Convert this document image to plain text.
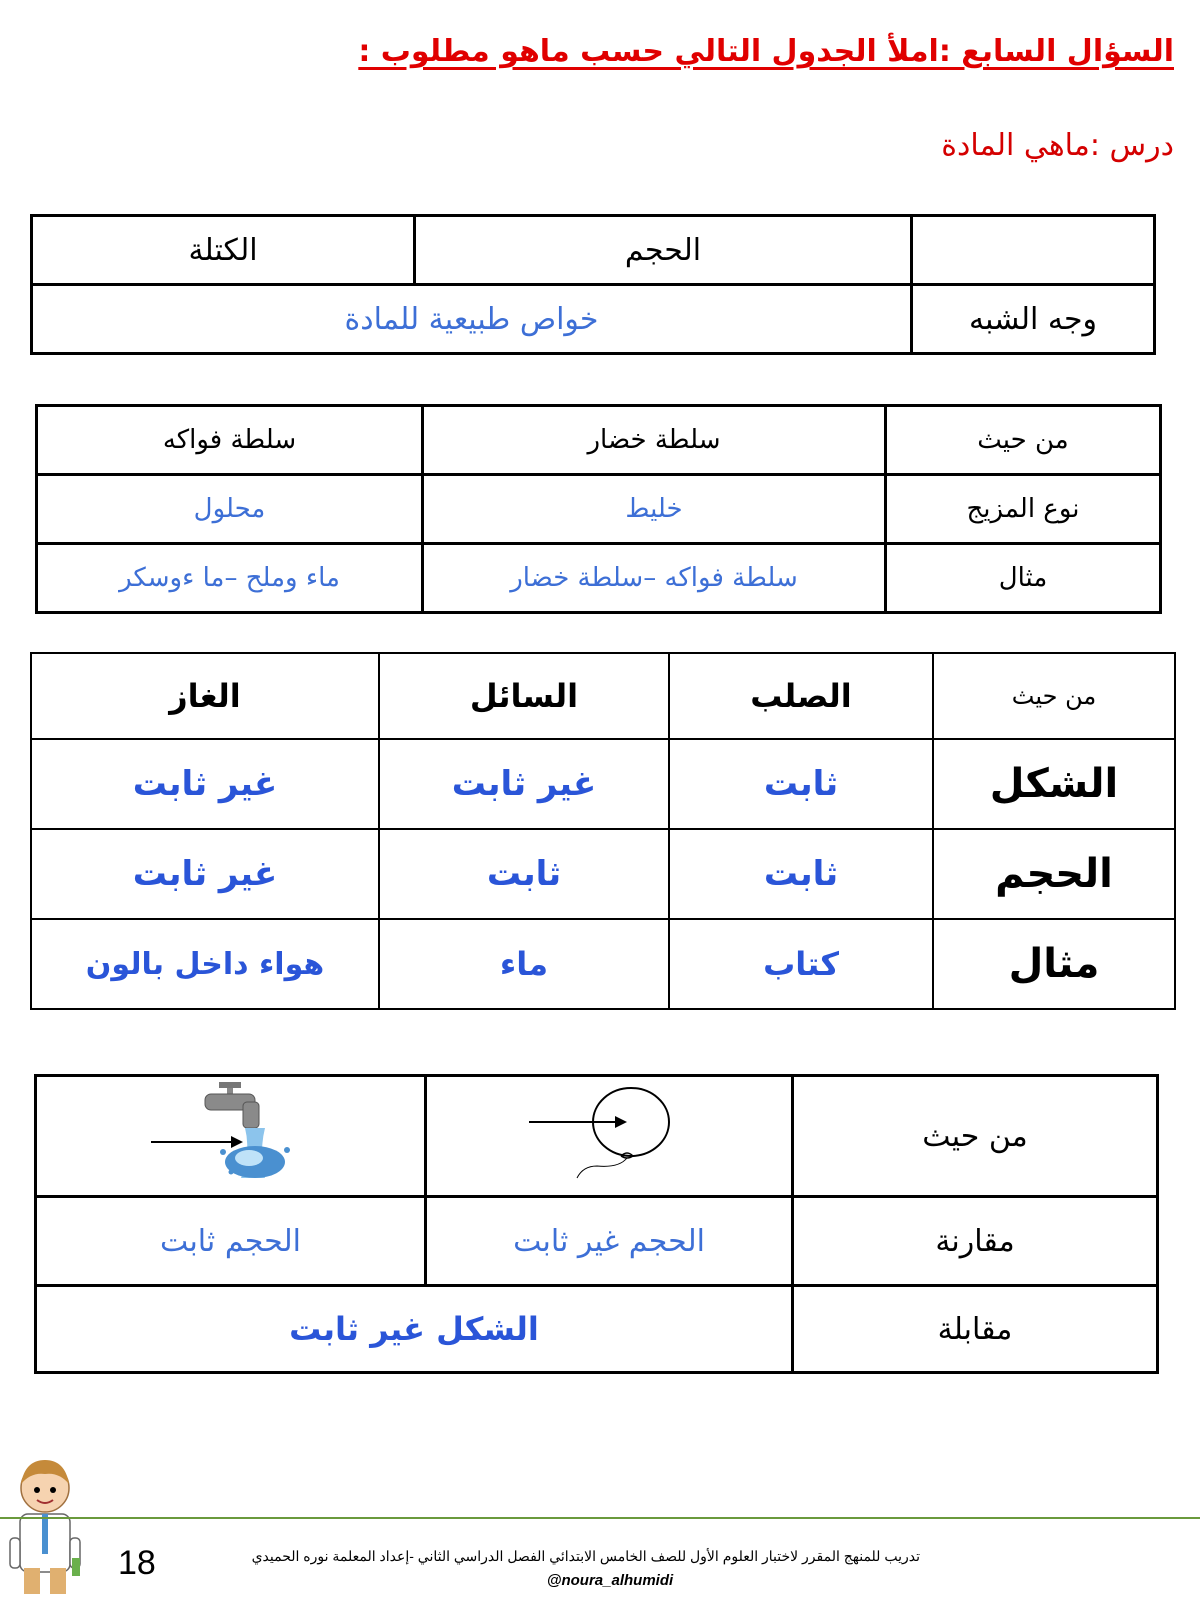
السؤال السابع :املأ الجدول التالي حسب ماهو مطلوب :
درس :ماهي المادة
	الحجم	الكتلة
وجه الشبه	خواص طبيعية للمادة	
من حيث	سلطة خضار	سلطة فواكه
نوع المزيج	خليط	محلول
مثال	سلطة فواكه –سلطة خضار	ماء وملح –ما ءوسكر
من حيث	الصلب	السائل	الغاز
الشكل	ثابت	غير ثابت	غير ثابت
الحجم	ثابت	ثابت	غير ثابت
مثال	كتاب	ماء	هواء داخل بالون
من حيث		
مقارنة	الحجم غير ثابت	الحجم ثابت
مقابلة	الشكل غير ثابت	
18	تدريب للمنهج المقرر لاختبار العلوم الأول للصف الخامس الابتدائي الفصل الدراسي الثاني -إعداد المعلمة نوره الحميدي
@noura_alhumidi
